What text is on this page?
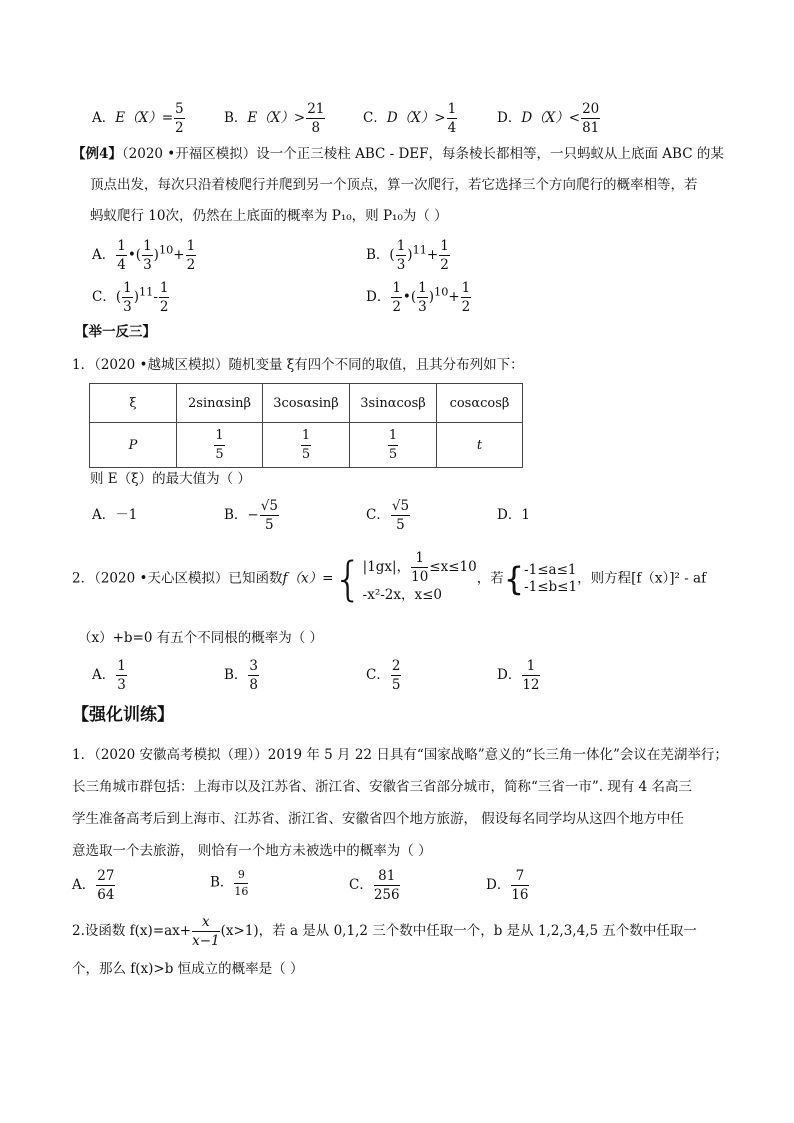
A．$E(X)= \frac{5}{2}$	B．$E(X)> \frac{21}{8}$	C．$D(X)> \frac{1}{4}$	D．$D(X)< \frac{20}{81}$
【例4】（2020 •开福区模拟）设一个正三棱柱 ABC - DEF，每条棱长都相等，一只蚂蚁从上底面 ABC 的某
顶点出发，每次只沿着棱爬行并爬到另一个顶点，算一次爬行，若它选择三个方向爬行的概率相等，若
蚂蚁爬行 10次，仍然在上底面的概率为 P₁₀，则 P₁₀为（ ）
A． $\frac{1}{4}$ •( $\frac{1}{3} )^{10}+ \frac{1}{2}$	B．( $\frac{1}{3} )^{11}+ \frac{1}{2}$
C．( $\frac{1}{3} )^{11}- \frac{1}{2}$	D． $\frac{1}{2}$ •( $\frac{1}{3} )^{10}+ \frac{1}{2}$
【举一反三】
1．（2020 •越城区模拟）随机变量 ξ有四个不同的取值，且其分布列如下：
ξ	2sinαsinβ	3cosαsinβ	3sinαcosβ	cosαcosβ
P	$\frac{1}{5}$	$\frac{1}{5}$	$\frac{1}{5}$	t
则 E（ξ）的最大值为（ ）
A．－1	B．− $\frac{√5}{5}$	C． $\frac{√5}{5}$	D．1
2．（2020 •天心区模拟）已知函数f（x）={ |1gx|， $\frac{1}{10} \le x\le 10$
-x²-2x，x≤0
，若{ -1≤a≤1
-1≤b≤1
，则方程[f（x）]² - af
（x）+b=0 有五个不同根的概率为（ ）
A． $\frac{1}{3}$	B． $\frac{3}{8}$	C． $\frac{2}{5}$	D． $\frac{1}{12}$
【强化训练】
1．（2020 安徽高考模拟（理））2019 年 5 月 22 日具有“国家战略”意义的“长三角一体化”会议在芜湖举行；
长三角城市群包括：上海市以及江苏省、浙江省、安徽省三省部分城市，简称“三省一市”. 现有 4 名高三
学生准备高考后到上海市、江苏省、浙江省、安徽省四个地方旅游， 假设每名同学均从这四个地方中任
意选取一个去旅游， 则恰有一个地方未被选中的概率为（ ）
A． $\frac{27}{64}$	B． $\frac{9}{16}$	C． $\frac{81}{256}$	D． $\frac{7}{16}$
2.设函数 $f(x)=ax+ \frac{x}{x-1} (x>1)$，若 a 是从 0,1,2 三个数中任取一个，b 是从 1,2,3,4,5 五个数中任取一
个，那么 f(x)>b 恒成立的概率是（ ）
